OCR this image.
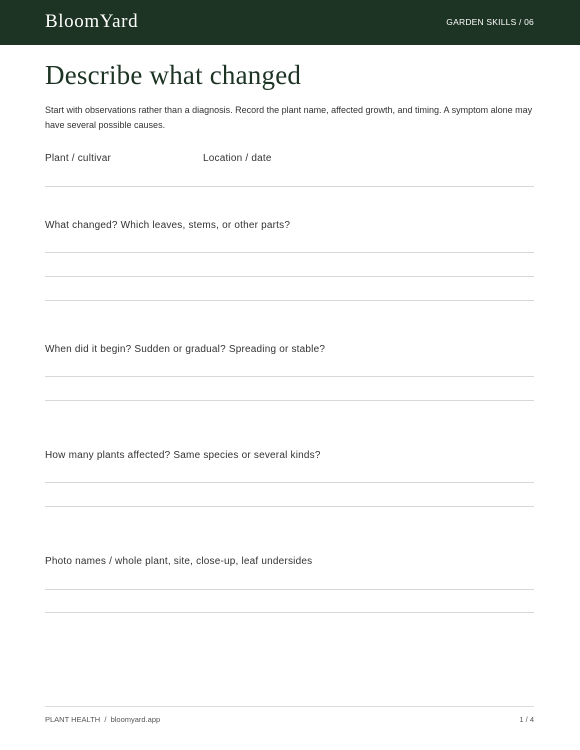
BloomYard	GARDEN SKILLS / 06
Describe what changed

Start with observations rather than a diagnosis. Record the plant name, affected growth, and timing. A symptom alone may have several possible causes.

Plant / cultivar	Location / date
What changed? Which leaves, stems, or other parts?
When did it begin? Sudden or gradual? Spreading or stable?
How many plants affected? Same species or several kinds?
Photo names / whole plant, site, close-up, leaf undersides
PLANT HEALTH  /  bloomyard.app	1 / 4
